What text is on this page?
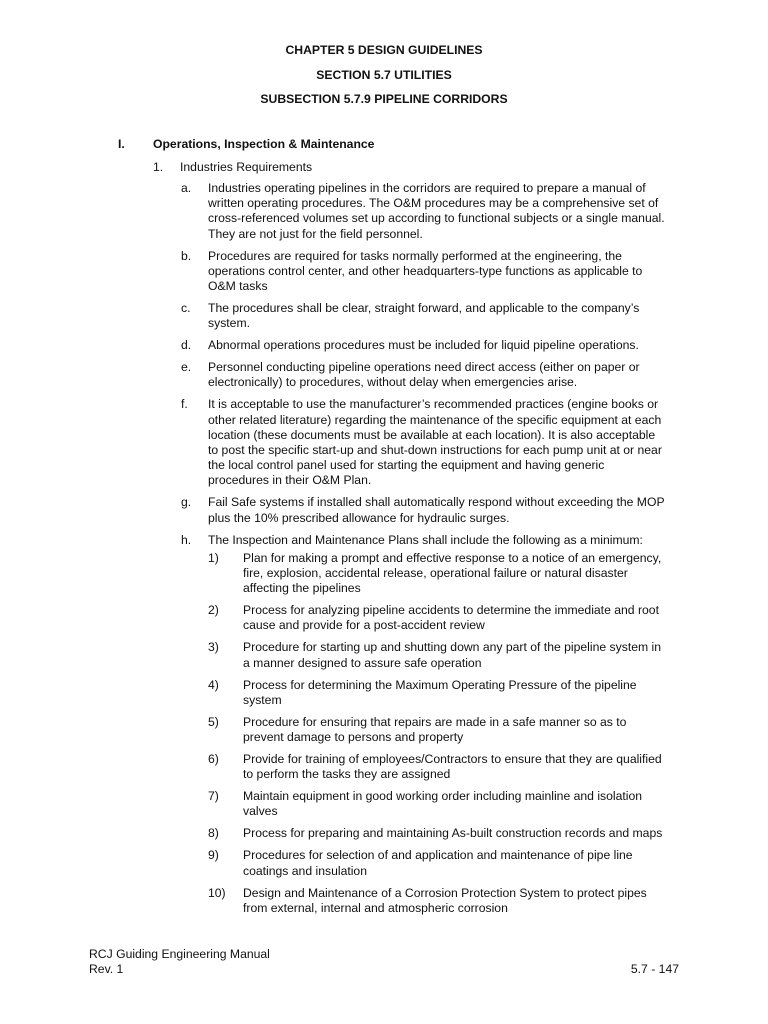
CHAPTER 5 DESIGN GUIDELINES
SECTION 5.7 UTILITIES
SUBSECTION 5.7.9 PIPELINE CORRIDORS
I. Operations, Inspection & Maintenance
1. Industries Requirements
a.	Industries operating pipelines in the corridors are required to prepare a manual of written operating procedures. The O&M procedures may be a comprehensive set of cross-referenced volumes set up according to functional subjects or a single manual. They are not just for the field personnel.
b.	Procedures are required for tasks normally performed at the engineering, the operations control center, and other headquarters-type functions as applicable to O&M tasks
c.	The procedures shall be clear, straight forward, and applicable to the company’s system.
d.	Abnormal operations procedures must be included for liquid pipeline operations.
e.	Personnel conducting pipeline operations need direct access (either on paper or electronically) to procedures, without delay when emergencies arise.
f.	It is acceptable to use the manufacturer’s recommended practices (engine books or other related literature) regarding the maintenance of the specific equipment at each location (these documents must be available at each location). It is also acceptable to post the specific start-up and shut-down instructions for each pump unit at or near the local control panel used for starting the equipment and having generic procedures in their O&M Plan.
g.	Fail Safe systems if installed shall automatically respond without exceeding the MOP plus the 10% prescribed allowance for hydraulic surges.
h.	The Inspection and Maintenance Plans shall include the following as a minimum:
1)	Plan for making a prompt and effective response to a notice of an emergency, fire, explosion, accidental release, operational failure or natural disaster affecting the pipelines
2)	Process for analyzing pipeline accidents to determine the immediate and root cause and provide for a post-accident review
3)	Procedure for starting up and shutting down any part of the pipeline system in a manner designed to assure safe operation
4)	Process for determining the Maximum Operating Pressure of the pipeline system
5)	Procedure for ensuring that repairs are made in a safe manner so as to prevent damage to persons and property
6)	Provide for training of employees/Contractors to ensure that they are qualified to perform the tasks they are assigned
7)	Maintain equipment in good working order including mainline and isolation valves
8)	Process for preparing and maintaining As-built construction records and maps
9)	Procedures for selection of and application and maintenance of pipe line coatings and insulation
10)	Design and Maintenance of a Corrosion Protection System to protect pipes from external, internal and atmospheric corrosion
RCJ Guiding Engineering Manual
Rev. 1	5.7 - 147
